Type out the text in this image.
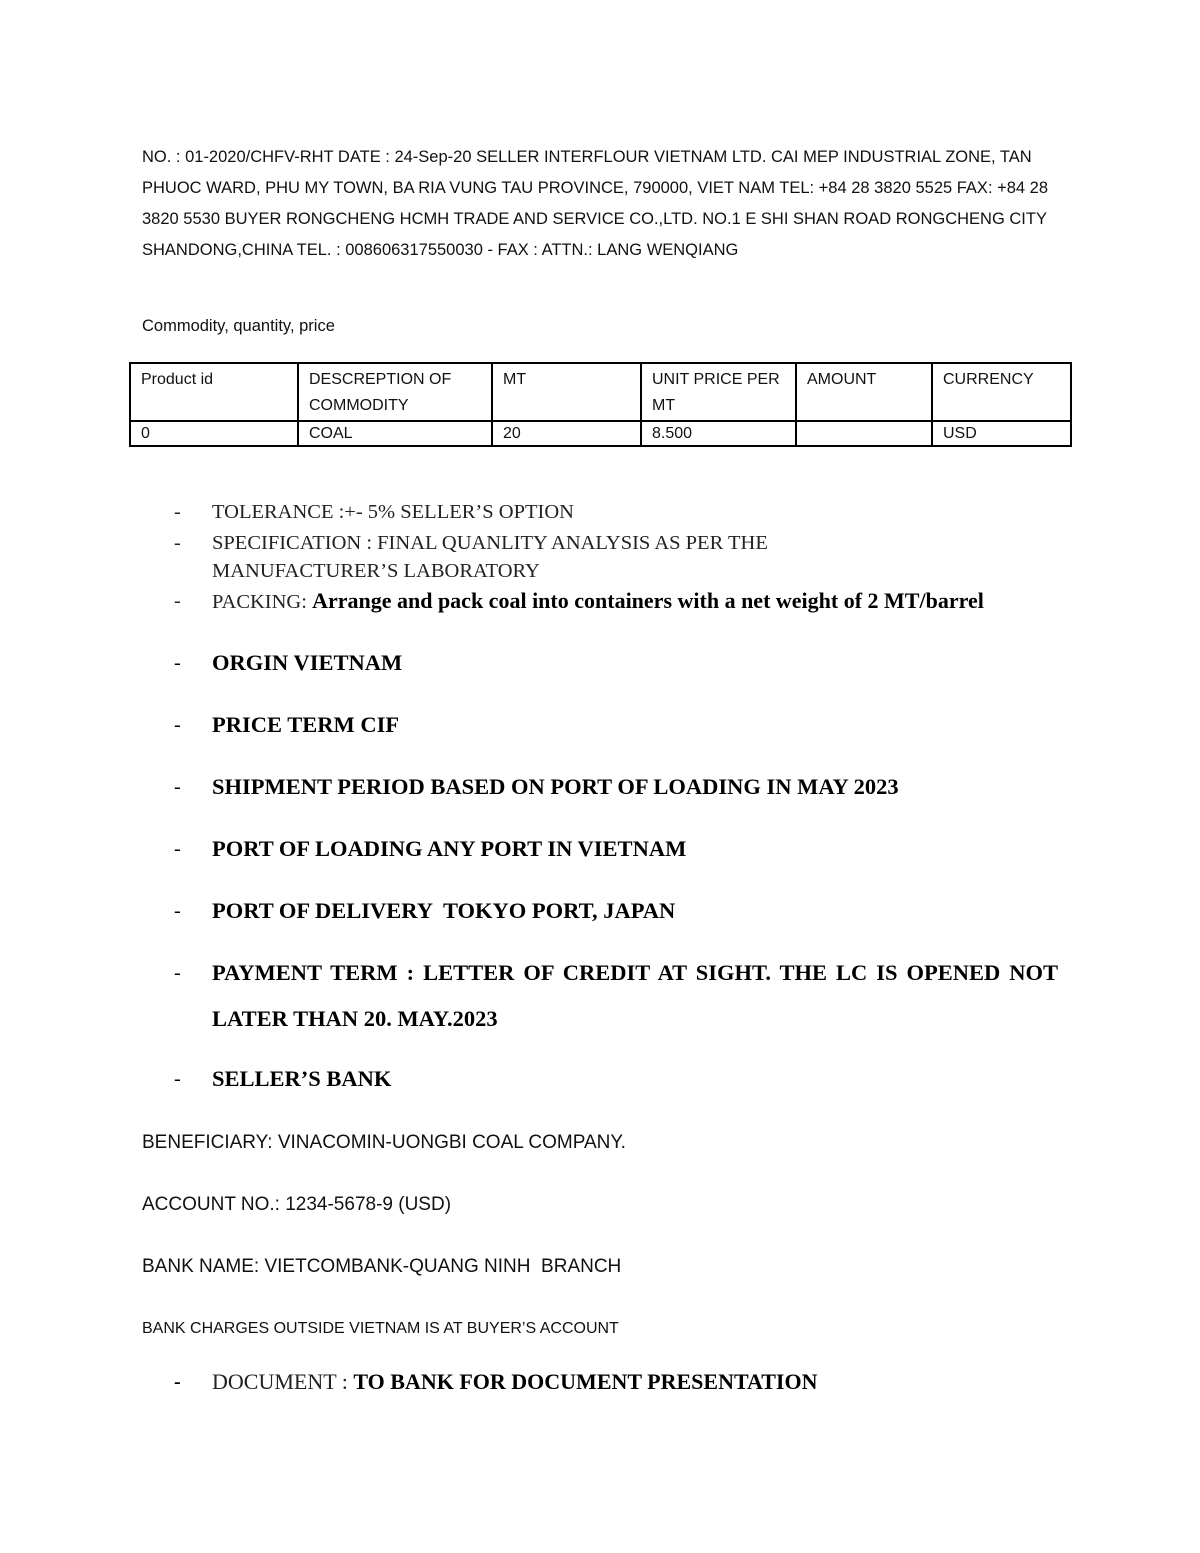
NO. : 01-2020/CHFV-RHT DATE : 24-Sep-20 SELLER INTERFLOUR VIETNAM LTD. CAI MEP INDUSTRIAL ZONE, TAN PHUOC WARD, PHU MY TOWN, BA RIA VUNG TAU PROVINCE, 790000, VIET NAM TEL: +84 28 3820 5525 FAX: +84 28 3820 5530 BUYER RONGCHENG HCMH TRADE AND SERVICE CO.,LTD. NO.1 E SHI SHAN ROAD RONGCHENG CITY SHANDONG,CHINA TEL. : 008606317550030 - FAX : ATTN.: LANG WENQIANG

Commodity, quantity, price

Product id	DESCREPTION OF COMMODITY	MT	UNIT PRICE PER MT	AMOUNT	CURRENCY
0	COAL	20	8.500		USD
-	TOLERANCE :+- 5% SELLER’S OPTION
-	SPECIFICATION : FINAL QUANLITY ANALYSIS AS PER THE MANUFACTURER’S LABORATORY
-	PACKING: Arrange and pack coal into containers with a net weight of 2 MT/barrel
-	ORGIN VIETNAM
-	PRICE TERM CIF
-	SHIPMENT PERIOD BASED ON PORT OF LOADING IN MAY 2023
-	PORT OF LOADING ANY PORT IN VIETNAM
-	PORT OF DELIVERY  TOKYO PORT, JAPAN
-	PAYMENT TERM : LETTER OF CREDIT AT SIGHT. THE LC IS OPENED NOT LATER THAN 20. MAY.2023
-	SELLER’S BANK

BENEFICIARY: VINACOMIN-UONGBI COAL COMPANY.

ACCOUNT NO.: 1234-5678-9 (USD)

BANK NAME: VIETCOMBANK-QUANG NINH  BRANCH

BANK CHARGES OUTSIDE VIETNAM IS AT BUYER’S ACCOUNT

-	DOCUMENT : TO BANK FOR DOCUMENT PRESENTATION
